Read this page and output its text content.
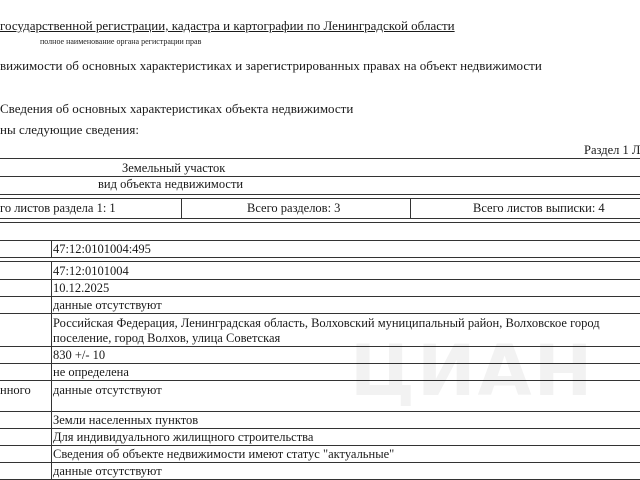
государственной регистрации, кадастра и картографии по Ленинградской области
полное наименование органа регистрации прав
вижимости об основных характеристиках и зарегистрированных правах на объект недвижимости
Сведения об основных характеристиках объекта недвижимости
ны следующие сведения:
Раздел 1 Л
Земельный участок
вид объекта недвижимости
го листов раздела 1: 1	Всего разделов: 3	Всего листов выписки: 4
47:12:0101004:495
47:12:0101004
10.12.2025
данные отсутствуют
Российская Федерация, Ленинградская область, Волховский муниципальный район, Волховское город
поселение, город Волхов, улица Советская
830 +/- 10
не определена
нного данные отсутствуют
Земли населенных пунктов
Для индивидуального жилищного строительства
Сведения об объекте недвижимости имеют статус "актуальные"
данные отсутствуют
ЦИАН
